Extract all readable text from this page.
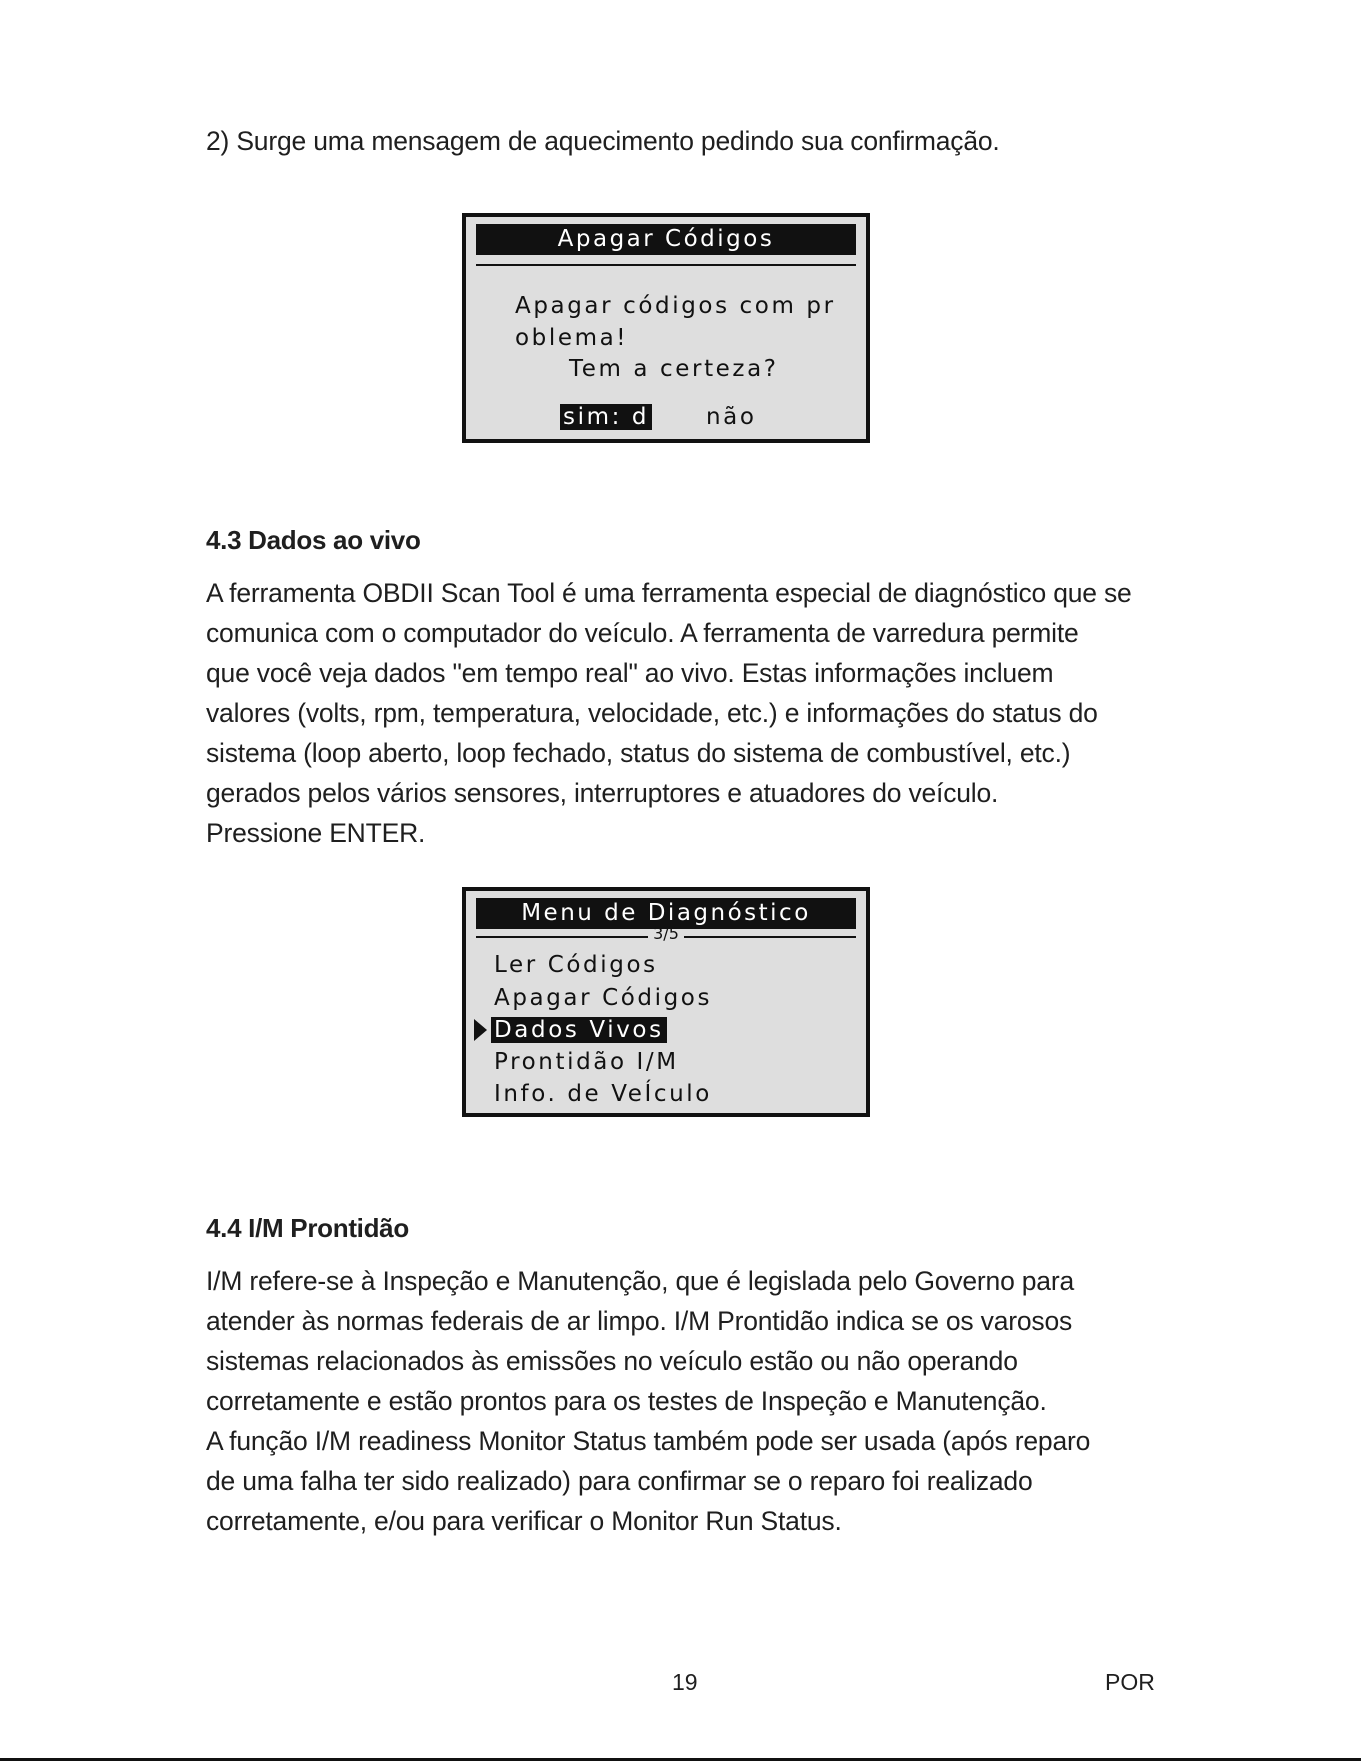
2) Surge uma mensagem de aquecimento pedindo sua confirmação.

Apagar Códigos
Apagar códigos com pr
oblema!
Tem a certeza?
sim: d não
4.3 Dados ao vivo

A ferramenta OBDII Scan Tool é uma ferramenta especial de diagnóstico que se
comunica com o computador do veículo. A ferramenta de varredura permite
que você veja dados "em tempo real" ao vivo. Estas informações incluem
valores (volts, rpm, temperatura, velocidade, etc.) e informações do status do
sistema (loop aberto, loop fechado, status do sistema de combustível, etc.)
gerados pelos vários sensores, interruptores e atuadores do veículo.
Pressione ENTER.

Menu de Diagnóstico
3/5
Ler Códigos
Apagar Códigos
Dados Vivos
Prontidão I/M
Info. de VeÍculo
4.4 I/M Prontidão

I/M refere-se à Inspeção e Manutenção, que é legislada pelo Governo para
atender às normas federais de ar limpo. I/M Prontidão indica se os varosos
sistemas relacionados às emissões no veículo estão ou não operando
corretamente e estão prontos para os testes de Inspeção e Manutenção.
A função I/M readiness Monitor Status também pode ser usada (após reparo
de uma falha ter sido realizado) para confirmar se o reparo foi realizado
corretamente, e/ou para verificar o Monitor Run Status.

19	POR
